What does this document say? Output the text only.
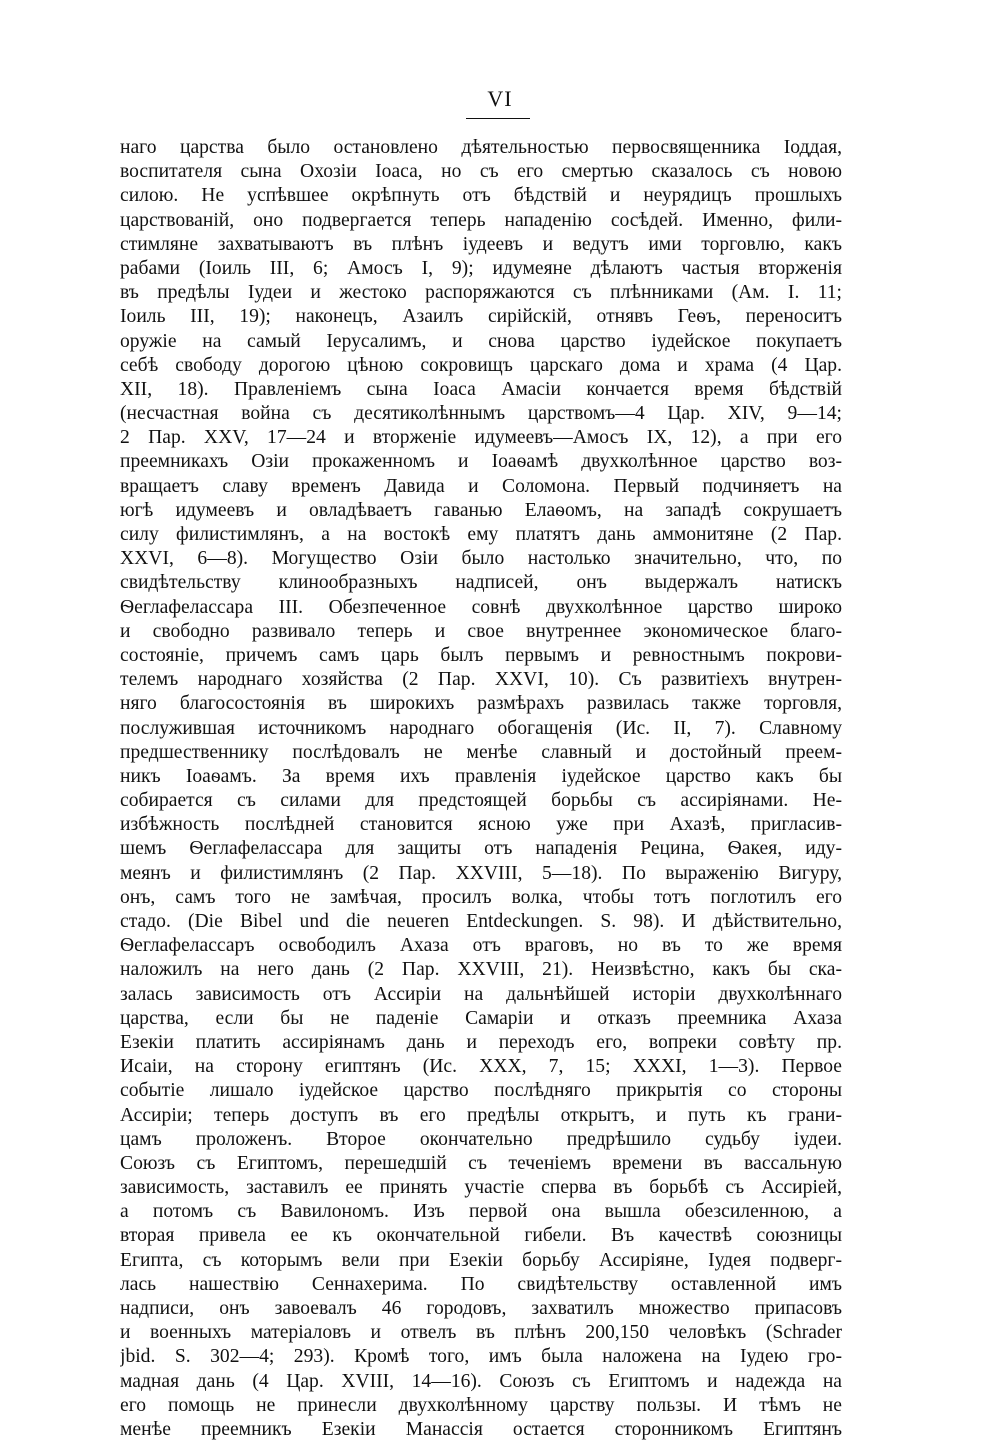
VI
наго царства было остановлено дѣятельностью первосвященника Іоддая,
воспитателя сына Охозіи Іоаса, но съ его смертью сказалось съ новою
силою. Не успѣвшее окрѣпнуть отъ бѣдствій и неурядицъ прошлыхъ
царствованій, оно подвергается теперь нападенію сосѣдей. Именно, фили-
стимляне захватываютъ въ плѣнъ іудеевъ и ведутъ ими торговлю, какъ
рабами (Іоиль III, 6; Амосъ I, 9); идумеяне дѣлаютъ частыя вторженія
въ предѣлы Іудеи и жестоко распоряжаются съ плѣнниками (Ам. I. 11;
Іоиль III, 19); наконецъ, Азаилъ сирійскій, отнявъ Геѳъ, переноситъ
оружіе на самый Іерусалимъ, и снова царство іудейское покупаетъ
себѣ свободу дорогою цѣною сокровищъ царскаго дома и храма (4 Цар.
XII, 18). Правленіемъ сына Іоаса Амасіи кончается время бѣдствій
(несчастная война съ десятиколѣннымъ царствомъ—4 Цар. XIV, 9—14;
2 Пар. XXV, 17—24 и вторженіе идумеевъ—Амосъ IX, 12), а при его
преемникахъ Озіи прокаженномъ и Іоаѳамѣ двухколѣнное царство воз-
вращаетъ славу временъ Давида и Соломона. Первый подчиняетъ на
югѣ идумеевъ и овладѣваетъ гаванью Елаѳомъ, на западѣ сокрушаетъ
силу филистимлянъ, а на востокѣ ему платятъ дань аммонитяне (2 Пар.
XXVI, 6—8). Могущество Озіи было настолько значительно, что, по
свидѣтельству клинообразныхъ надписей, онъ выдержалъ натискъ
Ѳеглафелассара III. Обезпеченное совнѣ двухколѣнное царство широко
и свободно развивало теперь и свое внутреннее экономическое благо-
состояніе, причемъ самъ царь былъ первымъ и ревностнымъ покрови-
телемъ народнаго хозяйства (2 Пар. XXVI, 10). Съ развитіехъ внутрен-
няго благосостоянія въ широкихъ размѣрахъ развилась также торговля,
послужившая источникомъ народнаго обогащенія (Ис. II, 7). Славному
предшественнику послѣдовалъ не менѣе славный и достойный преем-
никъ Іоаѳамъ. За время ихъ правленія іудейское царство какъ бы
собирается съ силами для предстоящей борьбы съ ассиріянами. Не-
избѣжность послѣдней становится ясною уже при Ахазѣ, пригласив-
шемъ Ѳеглафелассара для защиты отъ нападенія Рецина, Ѳакея, иду-
меянъ и филистимлянъ (2 Пар. XXVIII, 5—18). По выраженію Вигуру,
онъ, самъ того не замѣчая, просилъ волка, чтобы тотъ поглотилъ его
стадо. (Die Bibel und die neueren Entdeckungen. S. 98). И дѣйствительно,
Ѳеглафелассаръ освободилъ Ахаза отъ враговъ, но въ то же время
наложилъ на него дань (2 Пар. XXVIII, 21). Неизвѣстно, какъ бы ска-
залась зависимость отъ Ассиріи на дальнѣйшей исторіи двухколѣннаго
царства, если бы не паденіе Самаріи и отказъ преемника Ахаза
Езекіи платить ассиріянамъ дань и переходъ его, вопреки совѣту пр.
Исаіи, на сторону египтянъ (Ис. XXX, 7, 15; XXXI, 1—3). Первое
событіе лишало іудейское царство послѣдняго прикрытія со стороны
Ассиріи; теперь доступъ въ его предѣлы открытъ, и путь къ грани-
цамъ проложенъ. Второе окончательно предрѣшило судьбу іудеи.
Союзъ съ Египтомъ, перешедшій съ теченіемъ времени въ вассальную
зависимость, заставилъ ее принять участіе сперва въ борьбѣ съ Ассиріей,
а потомъ съ Вавилономъ. Изъ первой она вышла обезсиленною, а
вторая привела ее къ окончательной гибели. Въ качествѣ союзницы
Египта, съ которымъ вели при Езекіи борьбу Ассиріяне, Іудея подверг-
лась нашествію Сеннахерима. По свидѣтельству оставленной имъ
надписи, онъ завоевалъ 46 городовъ, захватилъ множество припасовъ
и военныхъ матеріаловъ и отвелъ въ плѣнъ 200,150 человѣкъ (Schrader
jbid. S. 302—4; 293). Кромѣ того, имъ была наложена на Іудею гро-
мадная дань (4 Цар. XVIII, 14—16). Союзъ съ Египтомъ и надежда на
его помощь не принесли двухколѣнному царству пользы. И тѣмъ не
менѣе преемникъ Езекіи Манассія остается сторонникомъ Египтянъ
